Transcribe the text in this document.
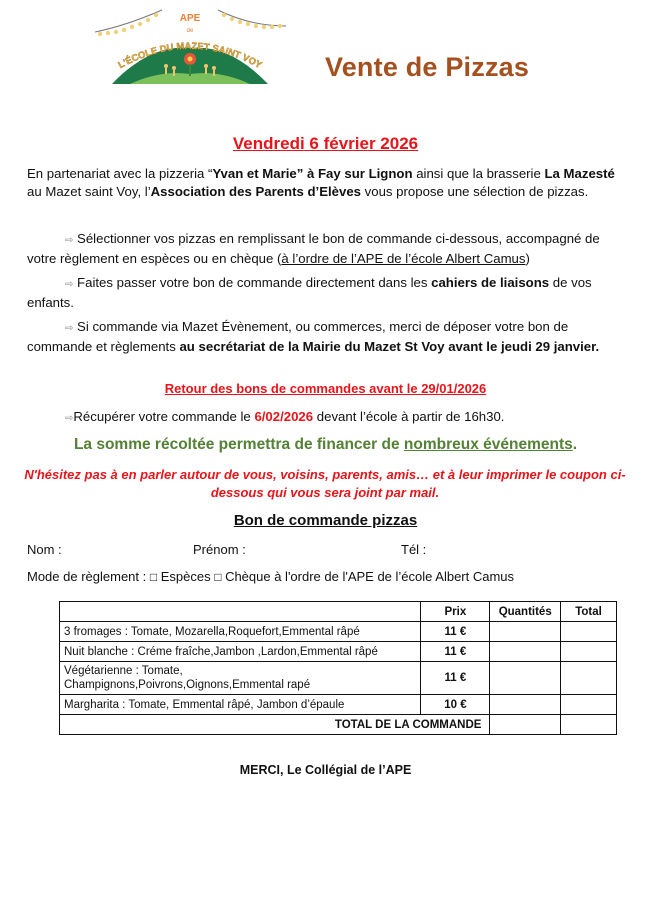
APE
de
L'ÉCOLE DU MAZET SAINT VOY Vente de Pizzas
Vendredi 6 février 2026
En partenariat avec la pizzeria “Yvan et Marie” à Fay sur Lignon ainsi que la brasserie La Mazesté au Mazet saint Voy, l’Association des Parents d’Elèves vous propose une sélection de pizzas.
⇨ Sélectionner vos pizzas en remplissant le bon de commande ci-dessous, accompagné de votre règlement en espèces ou en chèque (à l’ordre de l’APE de l’école Albert Camus)
⇨ Faites passer votre bon de commande directement dans les cahiers de liaisons de vos enfants.
⇨ Si commande via Mazet Évènement, ou commerces, merci de déposer votre bon de commande et règlements au secrétariat de la Mairie du Mazet St Voy avant le jeudi 29 janvier.
Retour des bons de commandes avant le 29/01/2026
⇨Récupérer votre commande le 6/02/2026 devant l’école à partir de 16h30.
La somme récoltée permettra de financer de nombreux événements.
N'hésitez pas à en parler autour de vous, voisins, parents, amis… et à leur imprimer le coupon ci-dessous qui vous sera joint par mail.
Bon de commande pizzas
Nom :	Prénom :	Tél :
Mode de règlement : □ Espèces □ Chèque à l'ordre de l'APE de l’école Albert Camus
	Prix	Quantités	Total
3 fromages : Tomate, Mozarella,Roquefort,Emmental râpé	11 €		
Nuit blanche : Créme fraîche,Jambon ,Lardon,Emmental râpé	11 €		
Végétarienne : Tomate,
Champignons,Poivrons,Oignons,Emmental rapé	11 €		
Margharita : Tomate, Emmental râpé, Jambon d’épaule	10 €		
TOTAL DE LA COMMANDE			
MERCI, Le Collégial de l’APE
